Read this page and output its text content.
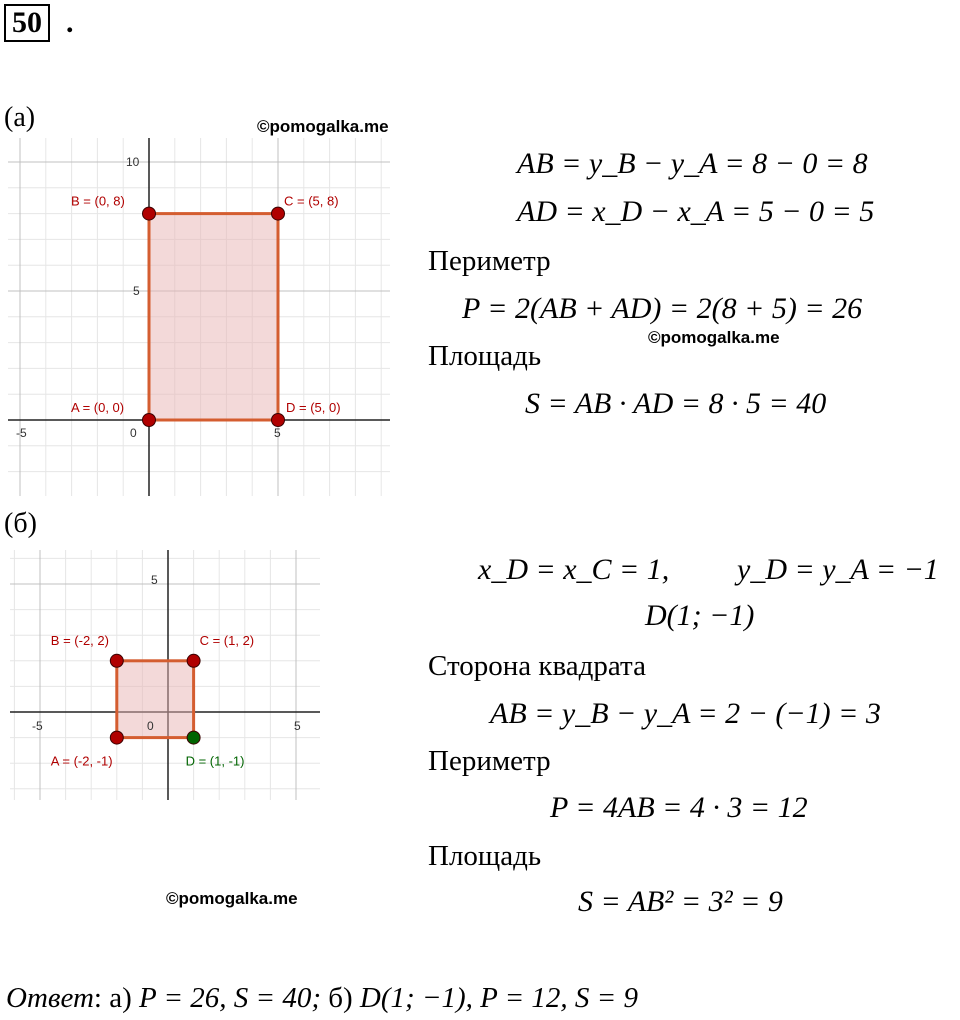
50 .
(а)	©pomogalka.me
A = (0, 0)
B = (0, 8)	C = (5, 8)
D = (5, 0)
-5	0	5
5
10	AB = y_B − y_A = 8 − 0 = 8
AD = x_D − x_A = 5 − 0 = 5
Периметр
P = 2(AB + AD) = 2(8 + 5) = 26
©pomogalka.me
Площадь
S = AB · AD = 8 · 5 = 40
(б)
A = (-2, -1)
B = (-2, 2)	C = (1, 2)
D = (1, -1)
-5	0	5
5	x_D = x_C = 1, y_D = y_A = −1
D(1; −1)
Сторона квадрата
AB = y_B − y_A = 2 − (−1) = 3
Периметр
P = 4AB = 4 · 3 = 12
Площадь
S = AB² = 3² = 9
©pomogalka.me
Ответ: а) P = 26, S = 40; б) D(1; −1), P = 12, S = 9
